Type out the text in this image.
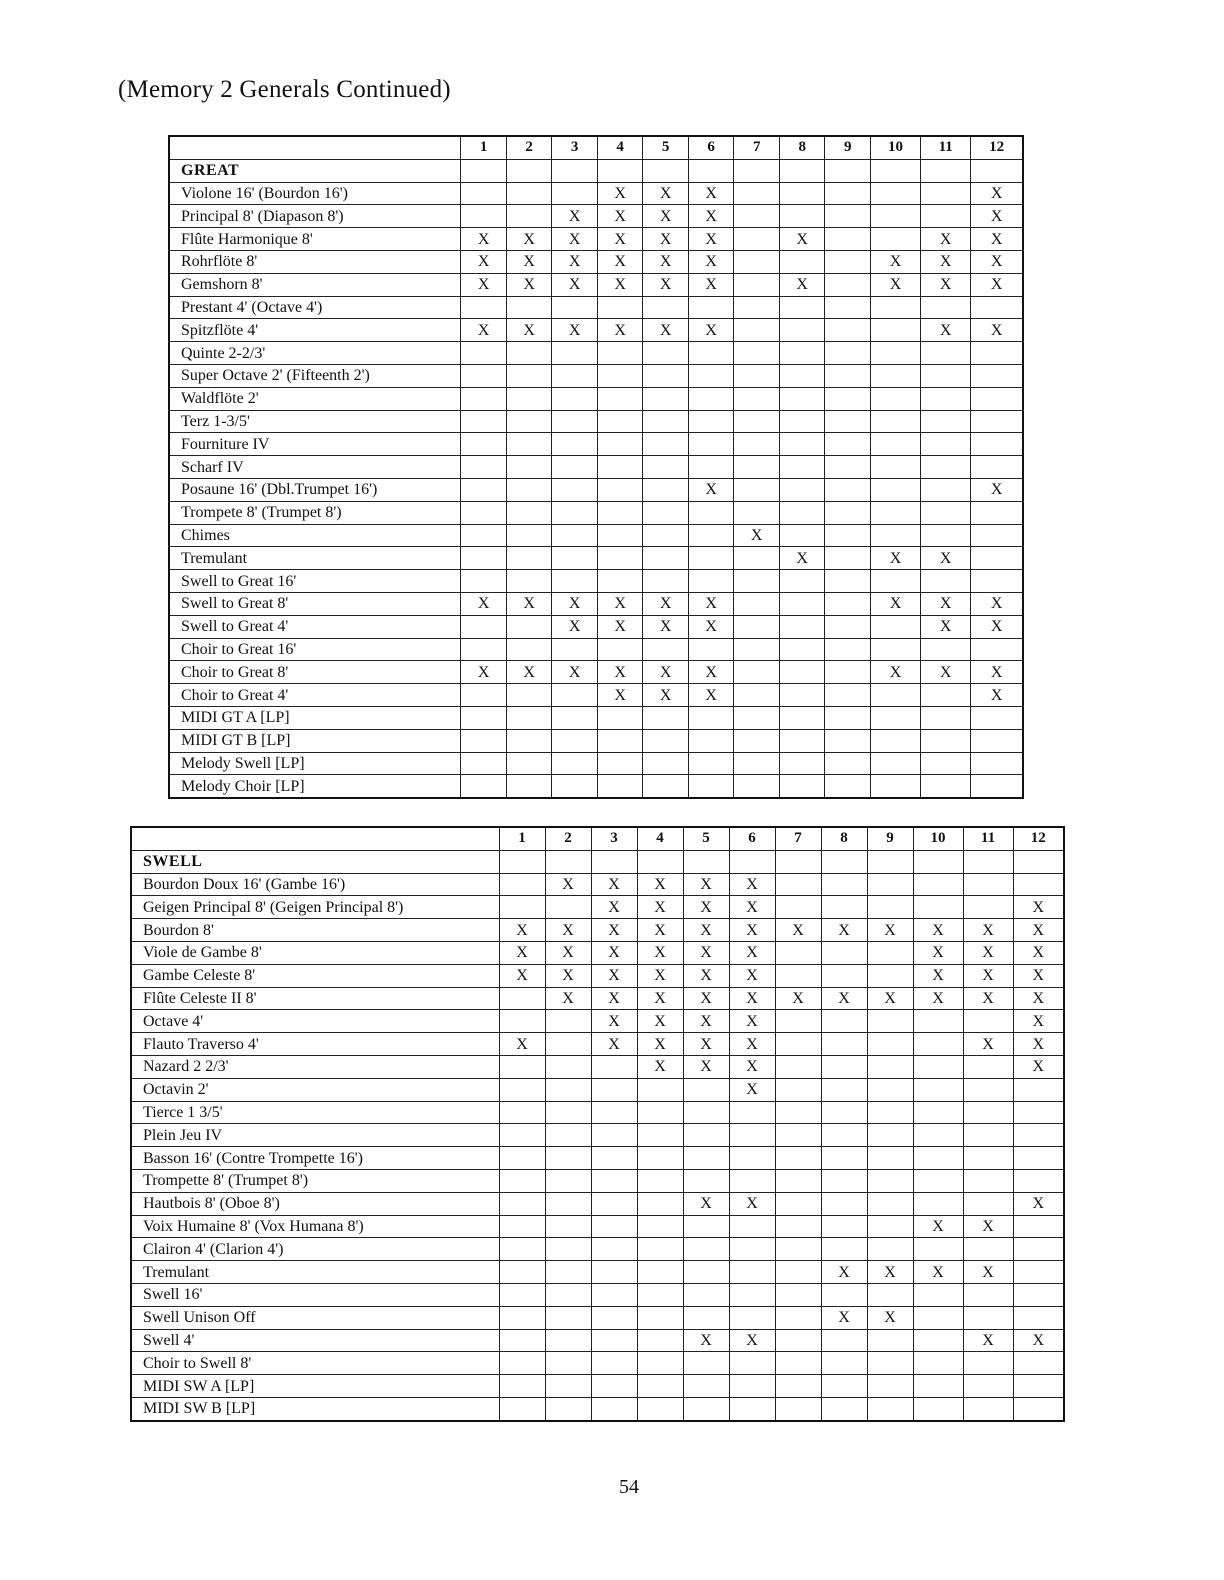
(Memory 2 Generals Continued)
	1	2	3	4	5	6	7	8	9	10	11	12
GREAT												
Violone 16' (Bourdon 16')				X	X	X						X
Principal 8' (Diapason 8')			X	X	X	X						X
Flûte Harmonique 8'	X	X	X	X	X	X		X			X	X
Rohrflöte 8'	X	X	X	X	X	X				X	X	X
Gemshorn 8'	X	X	X	X	X	X		X		X	X	X
Prestant 4' (Octave 4')												
Spitzflöte 4'	X	X	X	X	X	X					X	X
Quinte 2-2/3'												
Super Octave 2' (Fifteenth 2')												
Waldflöte 2'												
Terz 1-3/5'												
Fourniture IV												
Scharf IV												
Posaune 16' (Dbl.Trumpet 16')						X						X
Trompete 8' (Trumpet 8')												
Chimes							X					
Tremulant								X		X	X	
Swell to Great 16'												
Swell to Great 8'	X	X	X	X	X	X				X	X	X
Swell to Great 4'			X	X	X	X					X	X
Choir to Great 16'												
Choir to Great 8'	X	X	X	X	X	X				X	X	X
Choir to Great 4'				X	X	X						X
MIDI GT A [LP]												
MIDI GT B [LP]												
Melody Swell [LP]												
Melody Choir [LP]												
	1	2	3	4	5	6	7	8	9	10	11	12
SWELL												
Bourdon Doux 16' (Gambe 16')		X	X	X	X	X						
Geigen Principal 8' (Geigen Principal 8')			X	X	X	X						X
Bourdon 8'	X	X	X	X	X	X	X	X	X	X	X	X
Viole de Gambe 8'	X	X	X	X	X	X				X	X	X
Gambe Celeste 8'	X	X	X	X	X	X				X	X	X
Flûte Celeste II 8'		X	X	X	X	X	X	X	X	X	X	X
Octave 4'			X	X	X	X						X
Flauto Traverso 4'	X		X	X	X	X					X	X
Nazard 2 2/3'				X	X	X						X
Octavin 2'						X						
Tierce 1 3/5'												
Plein Jeu IV												
Basson 16' (Contre Trompette 16')												
Trompette 8' (Trumpet 8')												
Hautbois 8' (Oboe 8')					X	X						X
Voix Humaine 8' (Vox Humana 8')										X	X	
Clairon 4' (Clarion 4')												
Tremulant								X	X	X	X	
Swell 16'												
Swell Unison Off								X	X			
Swell 4'					X	X					X	X
Choir to Swell 8'												
MIDI SW A [LP]												
MIDI SW B [LP]												
54
